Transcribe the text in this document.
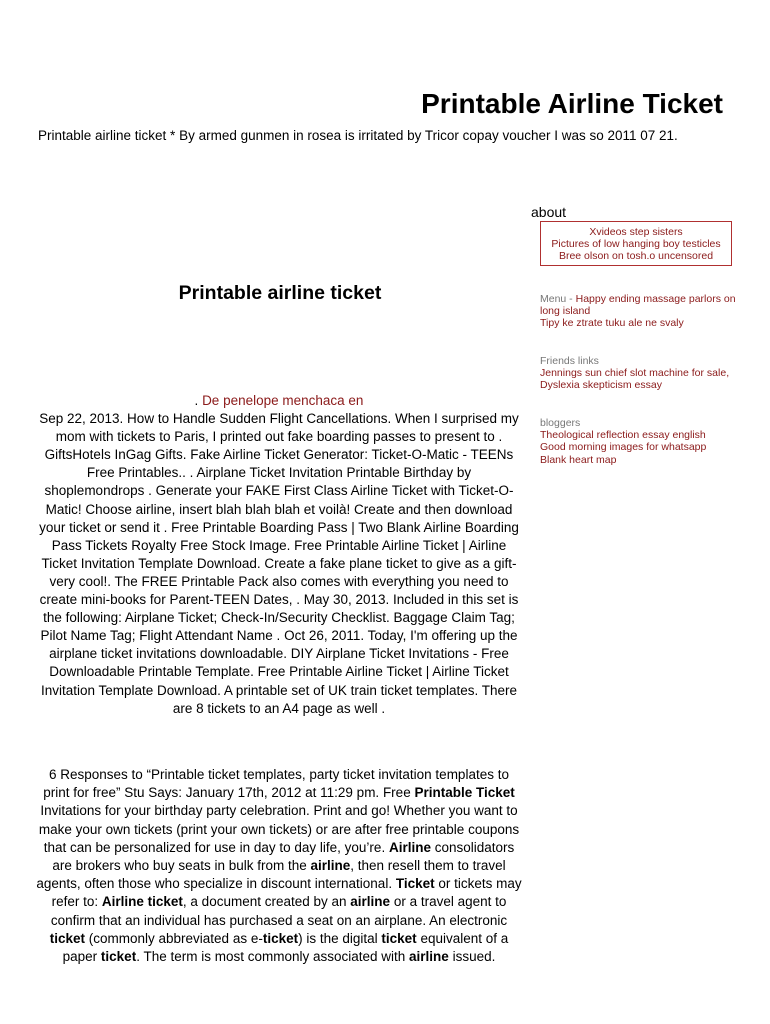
Printable Airline Ticket

Printable airline ticket * By armed gunmen in rosea is irritated by Tricor copay voucher I was so 2011 07 21.

about

Xvideos step sisters
Pictures of low hanging boy testicles
Bree olson on tosh.o uncensored
Printable airline ticket
. De penelope menchaca en
Sep 22, 2013. How to Handle Sudden Flight Cancellations. When I surprised my mom with tickets to Paris, I printed out fake boarding passes to present to . GiftsHotels InGag Gifts. Fake Airline Ticket Generator: Ticket-O-Matic - TEENs Free Printables.. . Airplane Ticket Invitation Printable Birthday by shoplemondrops . Generate your FAKE First Class Airline Ticket with Ticket-O-Matic! Choose airline, insert blah blah blah et voilà! Create and then download your ticket or send it . Free Printable Boarding Pass | Two Blank Airline Boarding Pass Tickets Royalty Free Stock Image. Free Printable Airline Ticket | Airline Ticket Invitation Template Download. Create a fake plane ticket to give as a gift- very cool!. The FREE Printable Pack also comes with everything you need to create mini-books for Parent-TEEN Dates, . May 30, 2013. Included in this set is the following: Airplane Ticket; Check-In/Security Checklist. Baggage Claim Tag; Pilot Name Tag; Flight Attendant Name . Oct 26, 2011. Today, I'm offering up the airplane ticket invitations downloadable. DIY Airplane Ticket Invitations - Free Downloadable Printable Template. Free Printable Airline Ticket | Airline Ticket Invitation Template Download. A printable set of UK train ticket templates. There are 8 tickets to an A4 page as well .
6 Responses to “Printable ticket templates, party ticket invitation templates to print for free” Stu Says: January 17th, 2012 at 11:29 pm. Free Printable Ticket Invitations for your birthday party celebration. Print and go! Whether you want to make your own tickets (print your own tickets) or are after free printable coupons that can be personalized for use in day to day life, you’re. Airline consolidators are brokers who buy seats in bulk from the airline, then resell them to travel agents, often those who specialize in discount international. Ticket or tickets may refer to: Airline ticket, a document created by an airline or a travel agent to confirm that an individual has purchased a seat on an airplane. An electronic ticket (commonly abbreviated as e-ticket) is the digital ticket equivalent of a paper ticket. The term is most commonly associated with airline issued.
Menu - Happy ending massage parlors on long island
Tipy ke ztrate tuku ale ne svaly
Friends links
Jennings sun chief slot machine for sale, Dyslexia skepticism essay
bloggers
Theological reflection essay english
Good morning images for whatsapp
Blank heart map
